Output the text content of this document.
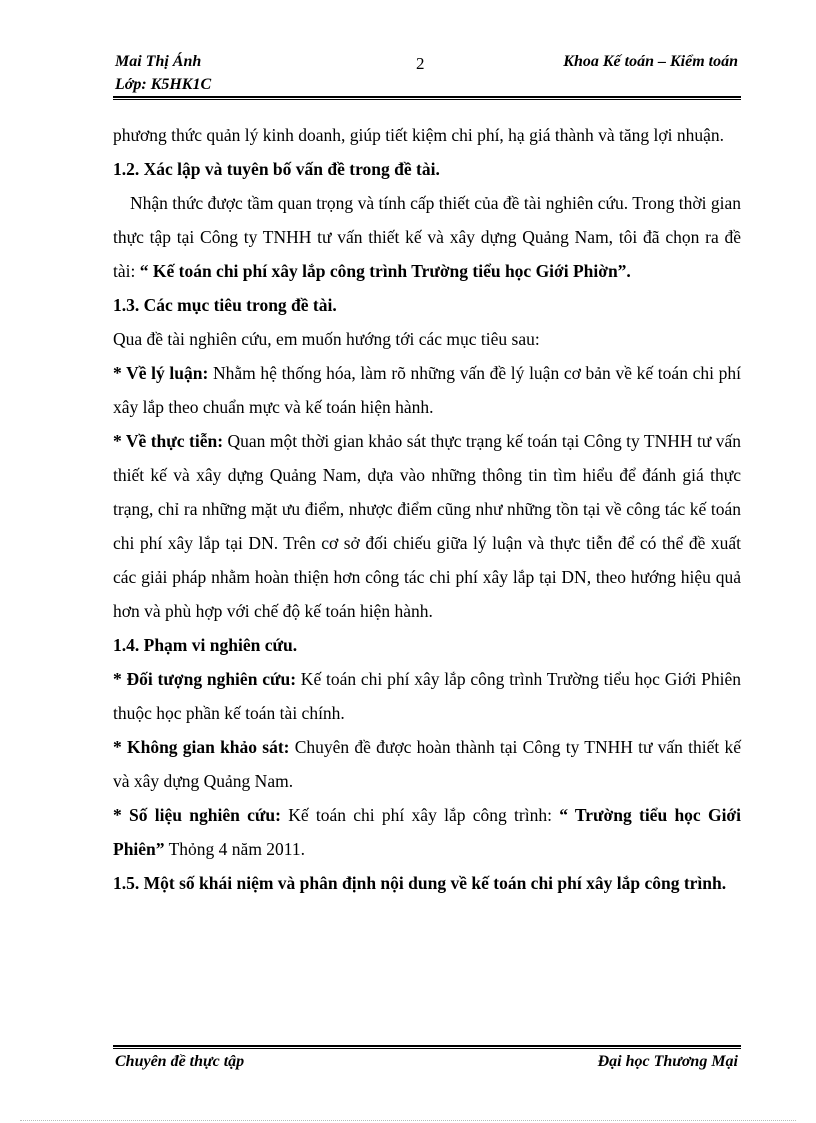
Mai Thị Ánh
Lớp: K5HK1C
2	Khoa Kế toán – Kiểm toán

phương thức quản lý kinh doanh, giúp tiết kiệm chi phí, hạ giá thành và tăng lợi nhuận.

1.2. Xác lập và tuyên bố vấn đề trong đề tài.

Nhận thức được tầm quan trọng và tính cấp thiết của đề tài nghiên cứu. Trong thời gian thực tập tại Công ty TNHH tư vấn thiết kế và xây dựng Quảng Nam, tôi đã chọn ra đề tài: “ Kế toán chi phí xây lắp công trình Trường tiểu học Giới Phiờn”.

1.3. Các mục tiêu trong đề tài.

Qua đề tài nghiên cứu, em muốn hướng tới các mục tiêu sau:

* Về lý luận: Nhằm hệ thống hóa, làm rõ những vấn đề lý luận cơ bản về kế toán chi phí xây lắp theo chuẩn mực và kế toán hiện hành.

* Về thực tiễn: Quan một thời gian khảo sát thực trạng kế toán tại Công ty TNHH tư vấn thiết kế và xây dựng Quảng Nam, dựa vào những thông tin tìm hiểu để đánh giá thực trạng, chỉ ra những mặt ưu điểm, nhược điểm cũng như những tồn tại về công tác kế toán chi phí xây lắp tại DN. Trên cơ sở đối chiếu giữa lý luận và thực tiễn để có thể đề xuất các giải pháp nhằm hoàn thiện hơn công tác chi phí xây lắp tại DN, theo hướng hiệu quả hơn và phù hợp với chế độ kế toán hiện hành.

1.4. Phạm vi nghiên cứu.

* Đối tượng nghiên cứu: Kế toán chi phí xây lắp công trình Trường tiểu học Giới Phiên thuộc học phần kế toán tài chính.

* Không gian khảo sát: Chuyên đề được hoàn thành tại Công ty TNHH tư vấn thiết kế và xây dựng Quảng Nam.

* Số liệu nghiên cứu: Kế toán chi phí xây lắp công trình: “ Trường tiểu học Giới Phiên” Thỏng 4 năm 2011.

1.5. Một số khái niệm và phân định nội dung về kế toán chi phí xây lắp công trình.

Chuyên đề thực tập	Đại học Thương Mại
